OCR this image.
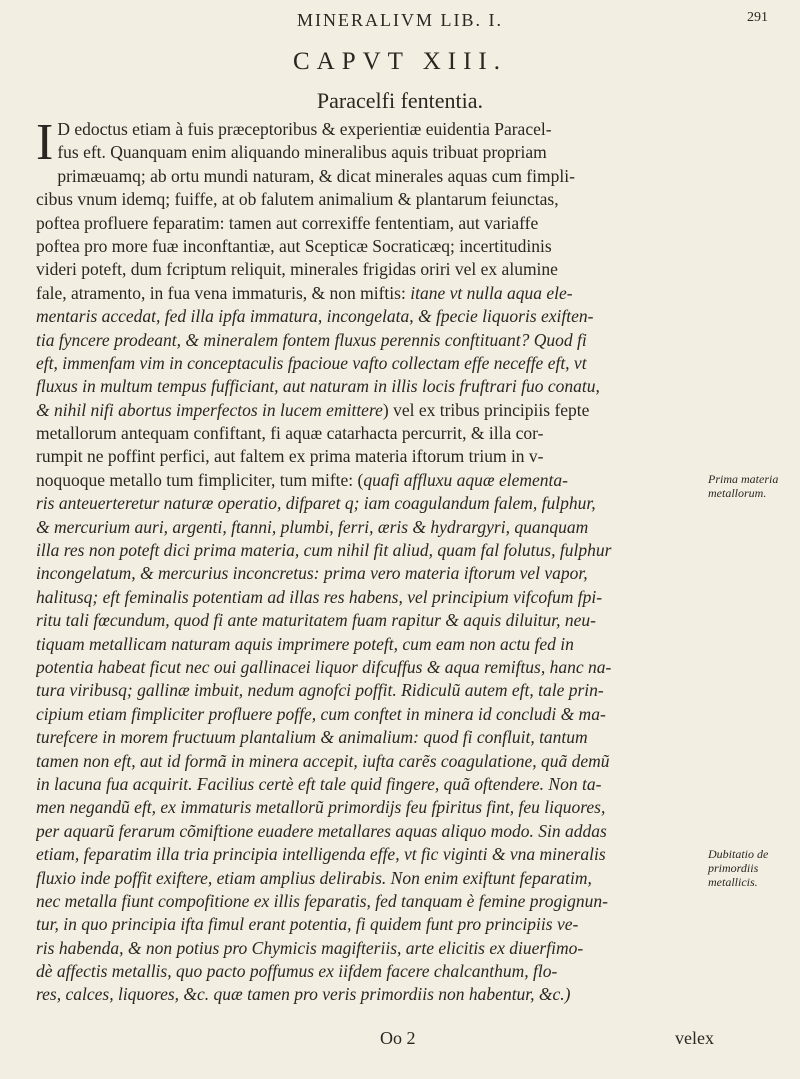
MINERALIVM LIB. I.	291
CAPVT XIII.
Paracelfi fententia.
I D edoctus etiam à fuis præceptoribus & experientiæ euidentia Paracel-
fus eft. Quanquam enim aliquando mineralibus aquis tribuat propriam
primæuamq; ab ortu mundi naturam, & dicat minerales aquas cum fimpli-
cibus vnum idemq; fuiffe, at ob falutem animalium & plantarum feiunctas,
poftea profluere feparatim: tamen aut correxiffe fententiam, aut variaffe
poftea pro more fuæ inconftantiæ, aut Scepticæ Socraticæq; incertitudinis
videri poteft, dum fcriptum reliquit, minerales frigidas oriri vel ex alumine
fale, atramento, in fua vena immaturis, & non miftis: itane vt nulla aqua ele-
mentaris accedat, fed illa ipfa immatura, incongelata, & fpecie liquoris exiften-
tia fyncere prodeant, & mineralem fontem fluxus perennis conftituant? Quod fi
eft, immenfam vim in conceptaculis fpacioue vafto collectam effe neceffe eft, vt
fluxus in multum tempus fufficiant, aut naturam in illis locis fruftrari fuo conatu,
& nihil nifi abortus imperfectos in lucem emittere) vel ex tribus principiis fepte
metallorum antequam confiftant, fi aquæ catarhacta percurrit, & illa cor-
rumpit ne poffint perfici, aut faltem ex prima materia iftorum trium in v-
noquoque metallo tum fimpliciter, tum mifte: (quafi affluxu aquæ elementa-
ris anteuerteretur naturæ operatio, difparet q; iam coagulandum falem, fulphur,
& mercurium auri, argenti, ftanni, plumbi, ferri, æris & hydrargyri, quanquam
illa res non poteft dici prima materia, cum nihil fit aliud, quam fal folutus, fulphur
incongelatum, & mercurius inconcretus: prima vero materia iftorum vel vapor,
halitusq; eft feminalis potentiam ad illas res habens, vel principium vifcofum fpi-
ritu tali fœcundum, quod fi ante maturitatem fuam rapitur & aquis diluitur, neu-
tiquam metallicam naturam aquis imprimere poteft, cum eam non actu fed in
potentia habeat ficut nec oui gallinacei liquor difcuffus & aqua remiftus, hanc na-
tura viribusq; gallinæ imbuit, nedum agnofci poffit. Ridiculũ autem eft, tale prin-
cipium etiam fimpliciter profluere poffe, cum conftet in minera id concludi & ma-
turefcere in morem fructuum plantalium & animalium: quod fi confluit, tantum
tamen non eft, aut id formã in minera accepit, iufta carẽs coagulatione, quã demũ
in lacuna fua acquirit. Facilius certè eft tale quid fingere, quã oftendere. Non ta-
men negandũ eft, ex immaturis metallorũ primordijs feu fpiritus fint, feu liquores,
per aquarũ ferarum cõmiftione euadere metallares aquas aliquo modo. Sin addas
etiam, feparatim illa tria principia intelligenda effe, vt fic viginti & vna mineralis
fluxio inde poffit exiftere, etiam amplius delirabis. Non enim exiftunt feparatim,
nec metalla fiunt compofitione ex illis feparatis, fed tanquam è femine progignun-
tur, in quo principia ifta fimul erant potentia, fi quidem funt pro principiis ve-
ris habenda, & non potius pro Chymicis magifteriis, arte elicitis ex diuerfimo-
dè affectis metallis, quo pacto poffumus ex iifdem facere chalcanthum, flo-
res, calces, liquores, &c. quæ tamen pro veris primordiis non habentur, &c.)
Prima materia metallorum.
Dubitatio de primordiis metallicis.
Oo 2	velex
